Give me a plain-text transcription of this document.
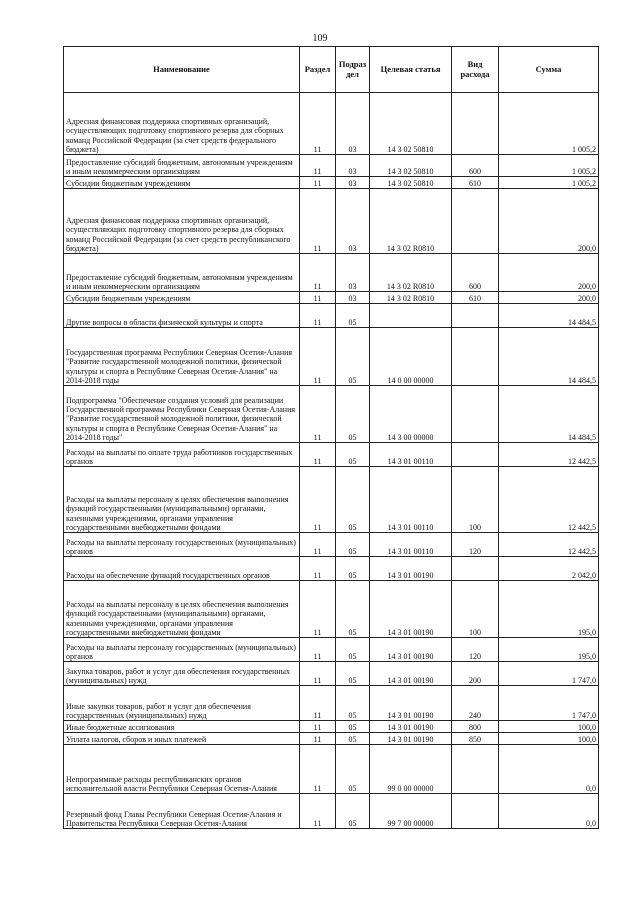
109
Наименование	Раздел	Подраз дел	Целевая статья	Вид расхода	Сумма
Адресная финансовая поддержка спортивных организаций, осуществляющих подготовку спортивного резерва для сборных команд Российской Федерации (за счет средств федерального бюджета)	11	03	14 3 02 50810		1 005,2
Предоставление субсидий бюджетным, автономным учреждениям и иным некоммерческим организациям	11	03	14 3 02 50810	600	1 005,2
Субсидии бюджетным учреждениям	11	03	14 3 02 50810	610	1 005,2
Адресная финансовая поддержка спортивных организаций, осуществляющих подготовку спортивного резерва для сборных команд Российской Федерации (за счет средств республиканского бюджета)	11	03	14 3 02 R0810		200,0
Предоставление субсидий бюджетным, автономным учреждениям и иным некоммерческим организациям	11	03	14 3 02 R0810	600	200,0
Субсидии бюджетным учреждениям	11	03	14 3 02 R0810	610	200,0
Другие вопросы в области физической культуры и спорта	11	05			14 484,5
Государственная программа Республики Северная Осетия-Алания "Развитие государственной молодежной политики, физической культуры и спорта в Республике Северная Осетия-Алания" на 2014-2018 годы	11	05	14 0 00 00000		14 484,5
Подпрограмма "Обеспечение создания условий для реализации Государственной программы Республики Северная Осетия-Алания "Развитие государственной молодежной политики, физической культуры и спорта в Республике Северная Осетия-Алания" на 2014-2018 годы"	11	05	14 3 00 00000		14 484,5
Расходы на выплаты по оплате труда работников государственных органов	11	05	14 3 01 00110		12 442,5
Расходы на выплаты персоналу в целях обеспечения выполнения функций государственными (муниципальными) органами, казенными учреждениями, органами управления государственными внебюджетными фондами	11	05	14 3 01 00110	100	12 442,5
Расходы на выплаты персоналу государственных (муниципальных) органов	11	05	14 3 01 00110	120	12 442,5
Расходы на обеспечение функций государственных органов	11	05	14 3 01 00190		2 042,0
Расходы на выплаты персоналу в целях обеспечения выполнения функций государственными (муниципальными) органами, казенными учреждениями, органами управления государственными внебюджетными фондами	11	05	14 3 01 00190	100	195,0
Расходы на выплаты персоналу государственных (муниципальных) органов	11	05	14 3 01 00190	120	195,0
Закупка товаров, работ и услуг для обеспечения государственных (муниципальных) нужд	11	05	14 3 01 00190	200	1 747,0
Иные закупки товаров, работ и услуг для обеспечения государственных (муниципальных) нужд	11	05	14 3 01 00190	240	1 747,0
Иные бюджетные ассигнования	11	05	14 3 01 00190	800	100,0
Уплата налогов, сборов и иных платежей	11	05	14 3 01 00190	850	100,0
Непрограммные расходы республиканских органов исполнительной власти Республики Северная Осетия-Алания	11	05	99 0 00 00000		0,0
Резервный фонд Главы Республики Северная Осетия-Алания и Правительства Республики Северная Осетия-Алания	11	05	99 7 00 00000		0,0
